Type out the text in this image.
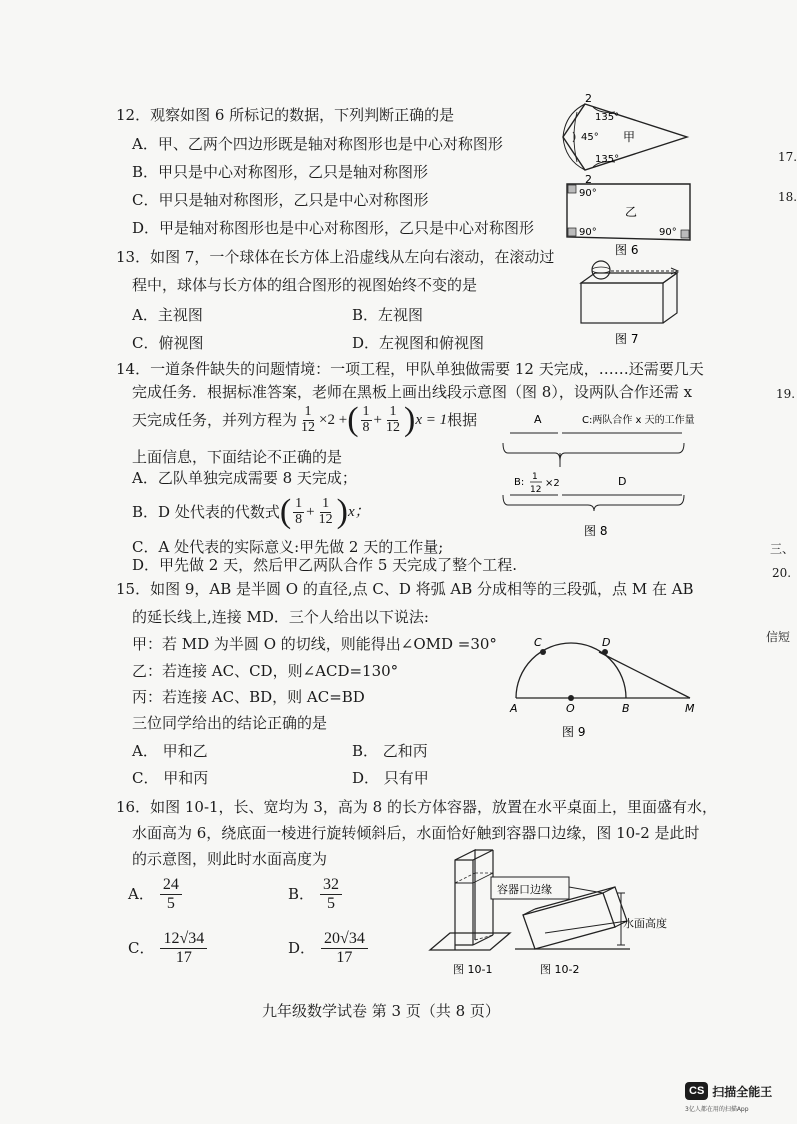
12．观察如图 6 所标记的数据，下列判断正确的是
A．甲、乙两个四边形既是轴对称图形也是中心对称图形
B．甲只是中心对称图形，乙只是轴对称图形
C．甲只是轴对称图形，乙只是中心对称图形
D．甲是轴对称图形也是中心对称图形，乙只是中心对称图形
2
2
45°
135°
135°
甲
90°
90°	90°
乙
图 6
13．如图 7，一个球体在长方体上沿虚线从左向右滚动，在滚动过
程中，球体与长方体的组合图形的视图始终不变的是
A．主视图	B．左视图
C．俯视图	D．左视图和俯视图	图 7
14．一道条件缺失的问题情境：一项工程，甲队单独做需要 12 天完成，……还需要几天
完成任务．根据标准答案，老师在黑板上画出线段示意图（图 8），设两队合作还需 x
天完成任务，并列方程为 $\frac{1}{12} \times 2$ + ( $\frac{1}{8} + \frac{1}{12}$ ) x = 1 根据
上面信息，下面结论不正确的是
A．乙队单独完成需要 8 天完成；
B．D 处代表的代数式 ( $\frac{1}{8} + \frac{1}{12}$ ) x；
C．A 处代表的实际意义:甲先做 2 天的工作量;
D．甲先做 2 天，然后甲乙两队合作 5 天完成了整个工程.
A	C:两队合作 x 天的工作量
B: 1
12
×2	D
图 8
15．如图 9，AB 是半圆 O 的直径,点 C、D 将弧 AB 分成相等的三段弧，点 M 在 AB
的延长线上,连接 MD．三个人给出以下说法:
甲：若 MD 为半圆 O 的切线，则能得出∠OMD =30°
乙：若连接 AC、CD，则∠ACD=130°
丙：若连接 AC、BD，则 AC=BD
三位同学给出的结论正确的是
A． 甲和乙	B． 乙和丙
C． 甲和丙	D． 只有甲
A	O	B	M
C	D
图 9
16．如图 10-1，长、宽均为 3，高为 8 的长方体容器，放置在水平桌面上，里面盛有水，
水面高为 6，绕底面一棱进行旋转倾斜后，水面恰好触到容器口边缘，图 10-2 是此时
的示意图，则此时水面高度为
A．
24
5
B．
32
5
C．
12√34
17
D．
20√34
17
图 10-1
容器口边缘
水面高度
图 10-2
九年级数学试卷 第 3 页（共 8 页）
17.
18.
19.
三、
20.
信短
CS 扫描全能王
3亿人都在用的扫描App
